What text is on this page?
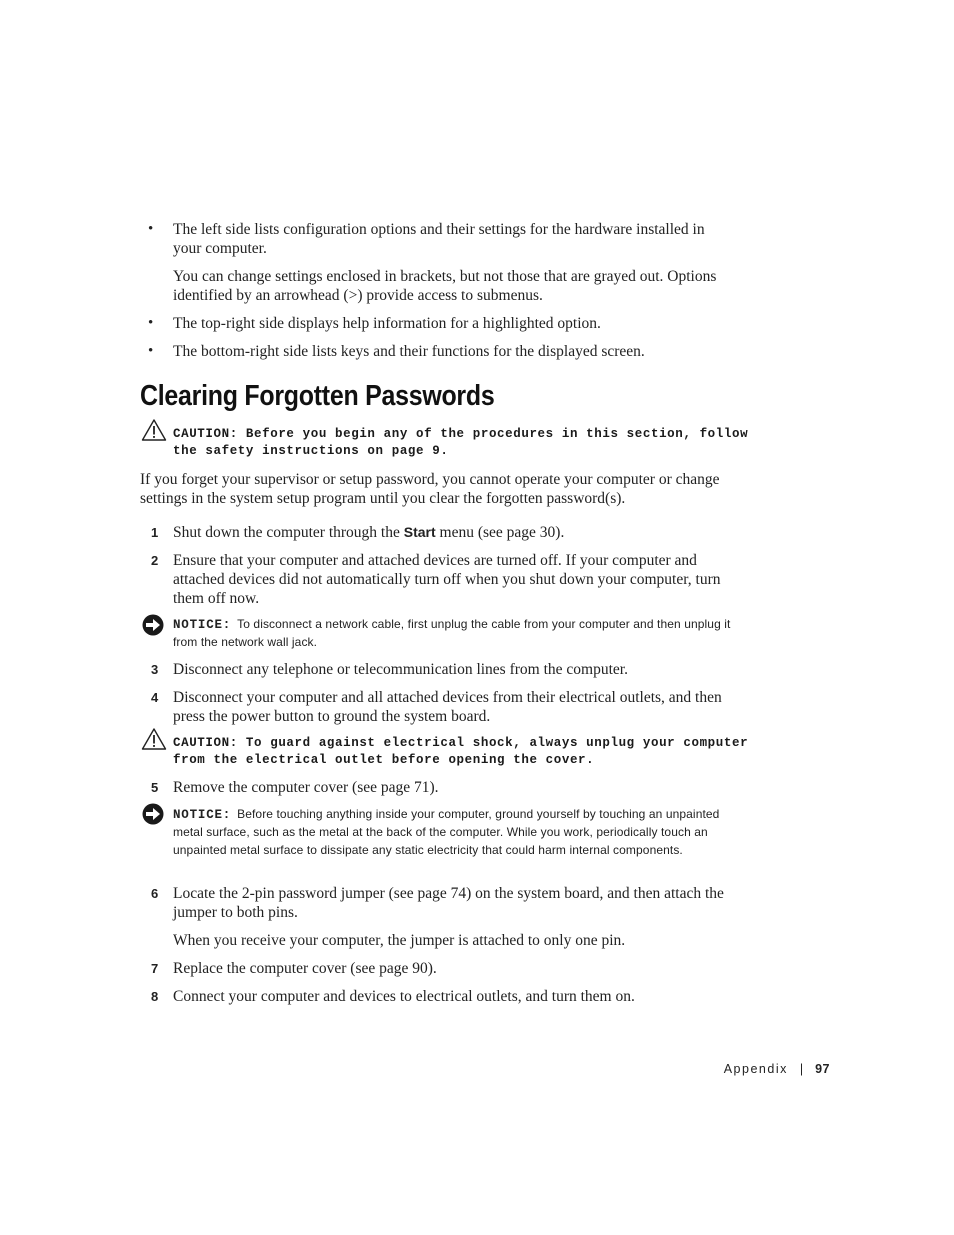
• The left side lists configuration options and their settings for the hardware installed in your computer.
You can change settings enclosed in brackets, but not those that are grayed out. Options identified by an arrowhead (>) provide access to submenus.
• The top-right side displays help information for a highlighted option.
• The bottom-right side lists keys and their functions for the displayed screen.
Clearing Forgotten Passwords
CAUTION: Before you begin any of the procedures in this section, follow the safety instructions on page 9.
If you forget your supervisor or setup password, you cannot operate your computer or change settings in the system setup program until you clear the forgotten password(s).
1 Shut down the computer through the Start menu (see page 30).
2 Ensure that your computer and attached devices are turned off. If your computer and attached devices did not automatically turn off when you shut down your computer, turn them off now.
NOTICE: To disconnect a network cable, first unplug the cable from your computer and then unplug it from the network wall jack.
3 Disconnect any telephone or telecommunication lines from the computer.
4 Disconnect your computer and all attached devices from their electrical outlets, and then press the power button to ground the system board.
CAUTION: To guard against electrical shock, always unplug your computer from the electrical outlet before opening the cover.
5 Remove the computer cover (see page 71).
NOTICE: Before touching anything inside your computer, ground yourself by touching an unpainted metal surface, such as the metal at the back of the computer. While you work, periodically touch an unpainted metal surface to dissipate any static electricity that could harm internal components.
6 Locate the 2-pin password jumper (see page 74) on the system board, and then attach the jumper to both pins.
When you receive your computer, the jumper is attached to only one pin.
7 Replace the computer cover (see page 90).
8 Connect your computer and devices to electrical outlets, and turn them on.
Appendix | 97
